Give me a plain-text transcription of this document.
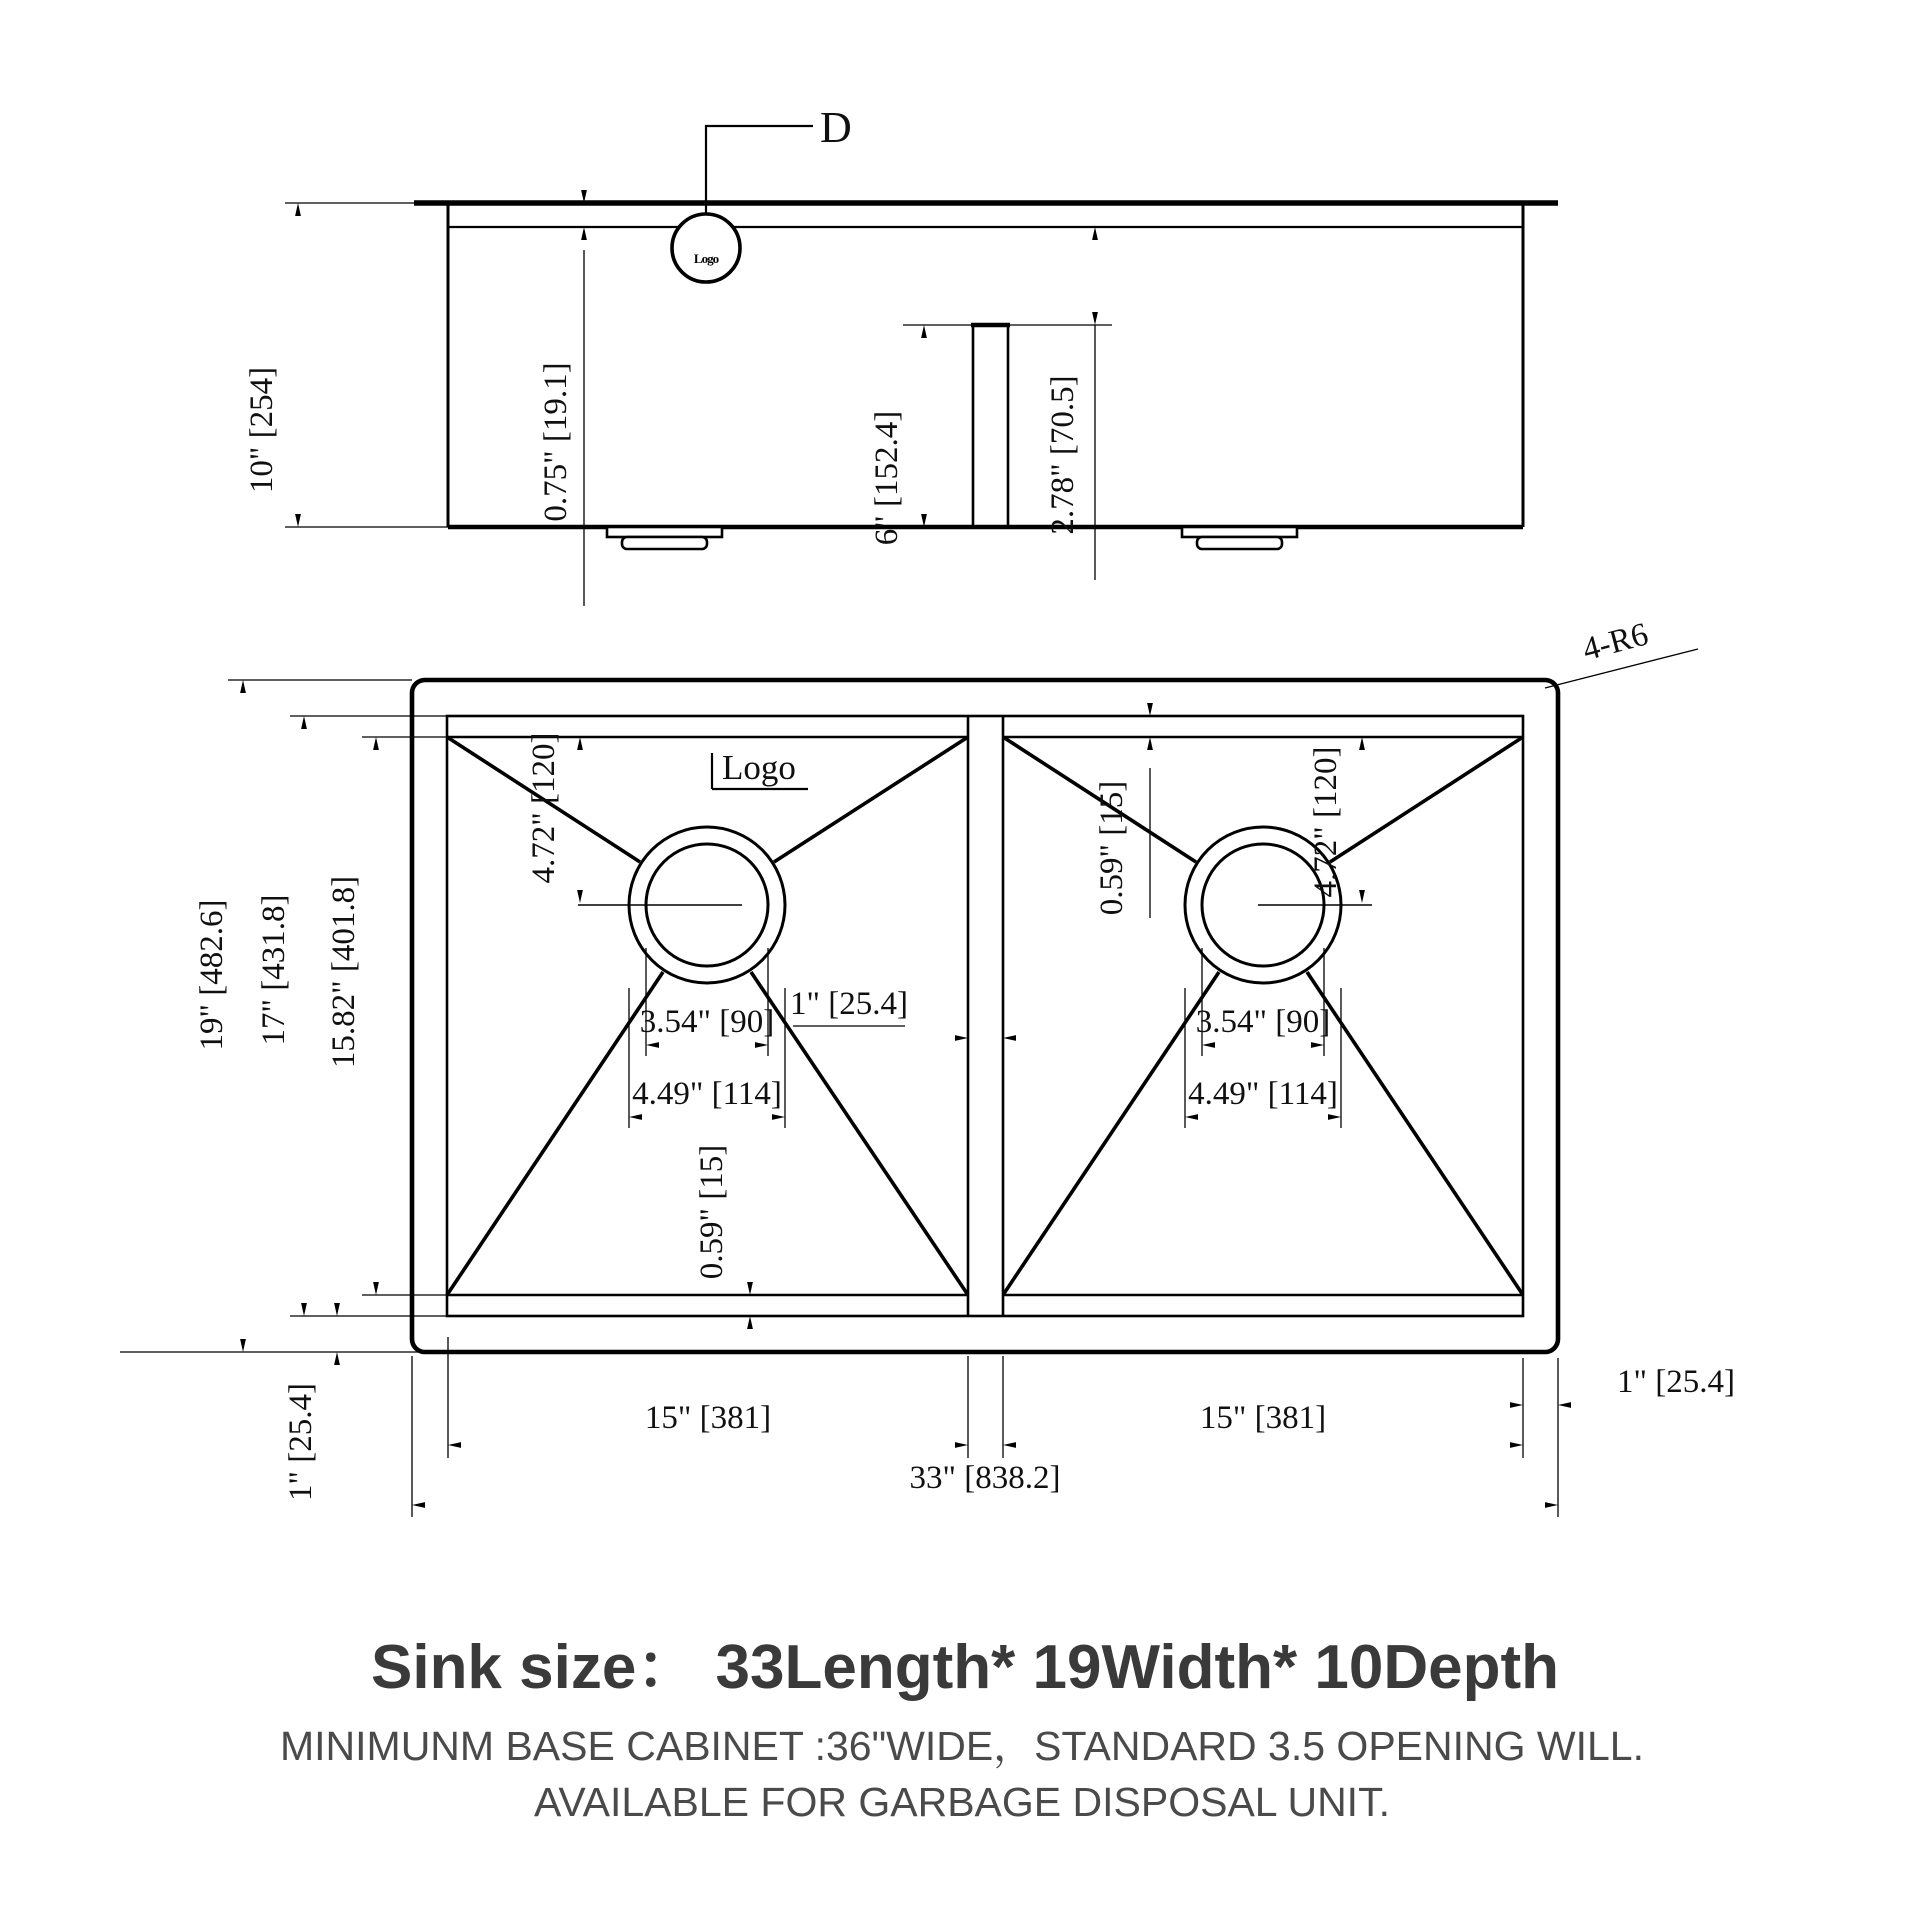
Logo
D
10" [254]	0.75" [19.1]	6" [152.4]	2.78" [70.5]
Logo
4-R6
4.72" [120]	4.72" [120]
3.54" [90]	3.54" [90]
4.49" [114]	4.49" [114]
1" [25.4]
0.59" [15]
0.59" [15]
19" [482.6] 17" [431.8] 15.82" [401.8]
1" [25.4]
1" [25.4]
15" [381]	15" [381]
33" [838.2]
Sink size： 33Length* 19Width* 10Depth
MINIMUNM BASE CABINET :36"WIDE，STANDARD 3.5 OPENING WILL.
AVAILABLE FOR GARBAGE DISPOSAL UNIT.
